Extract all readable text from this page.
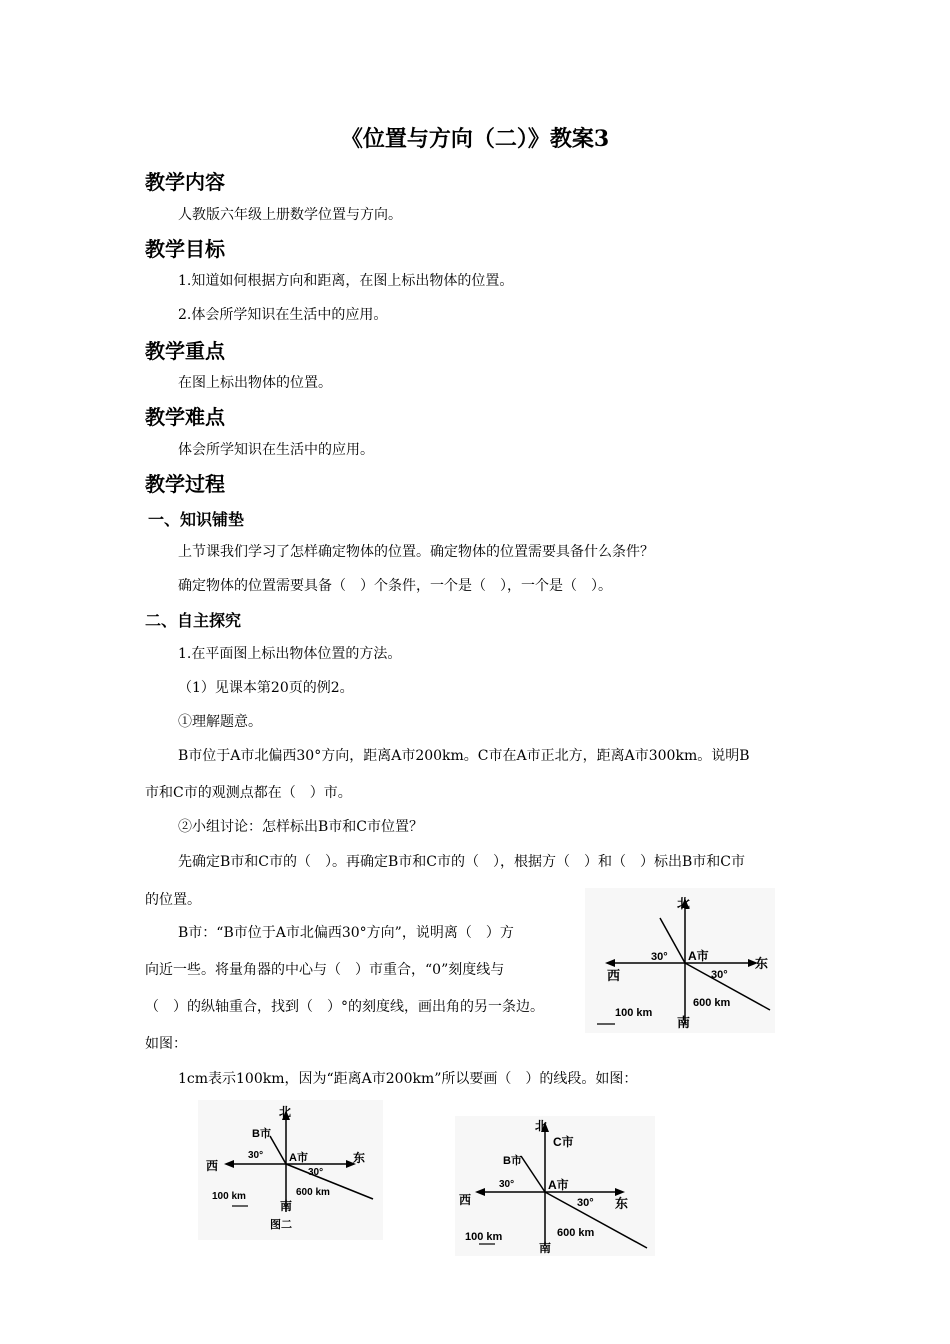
《位置与方向（二）》教案3
教学内容
人教版六年级上册数学位置与方向。
教学目标
1.知道如何根据方向和距离，在图上标出物体的位置。
2.体会所学知识在生活中的应用。
教学重点
在图上标出物体的位置。
教学难点
体会所学知识在生活中的应用。
教学过程
一、知识铺垫
上节课我们学习了怎样确定物体的位置。确定物体的位置需要具备什么条件？
确定物体的位置需要具备（　）个条件，一个是（　），一个是（　）。
二、自主探究
1.在平面图上标出物体位置的方法。
（1）见课本第20页的例2。
①理解题意。
B市位于A市北偏西30°方向，距离A市200km。C市在A市正北方，距离A市300km。说明B
市和C市的观测点都在（　）市。
②小组讨论：怎样标出B市和C市位置？
先确定B市和C市的（　）。再确定B市和C市的（　），根据方（　）和（　）标出B市和C市
的位置。
B市：“B市位于A市北偏西30°方向”，说明离（　）方
向近一些。将量角器的中心与（　）市重合，“0”刻度线与
（　）的纵轴重合，找到（　）°的刻度线，画出角的另一条边。
如图：
1cm表示100km，因为“距离A市200km”所以要画（　）的线段。如图：
北
南
东
西
A市
30°
30°
600 km
100 km
北
南
东
西
B市
A市
30°
30°
600 km
100 km
图二
北
南
东
西
C市
B市
A市
30°
30°
600 km
100 km
